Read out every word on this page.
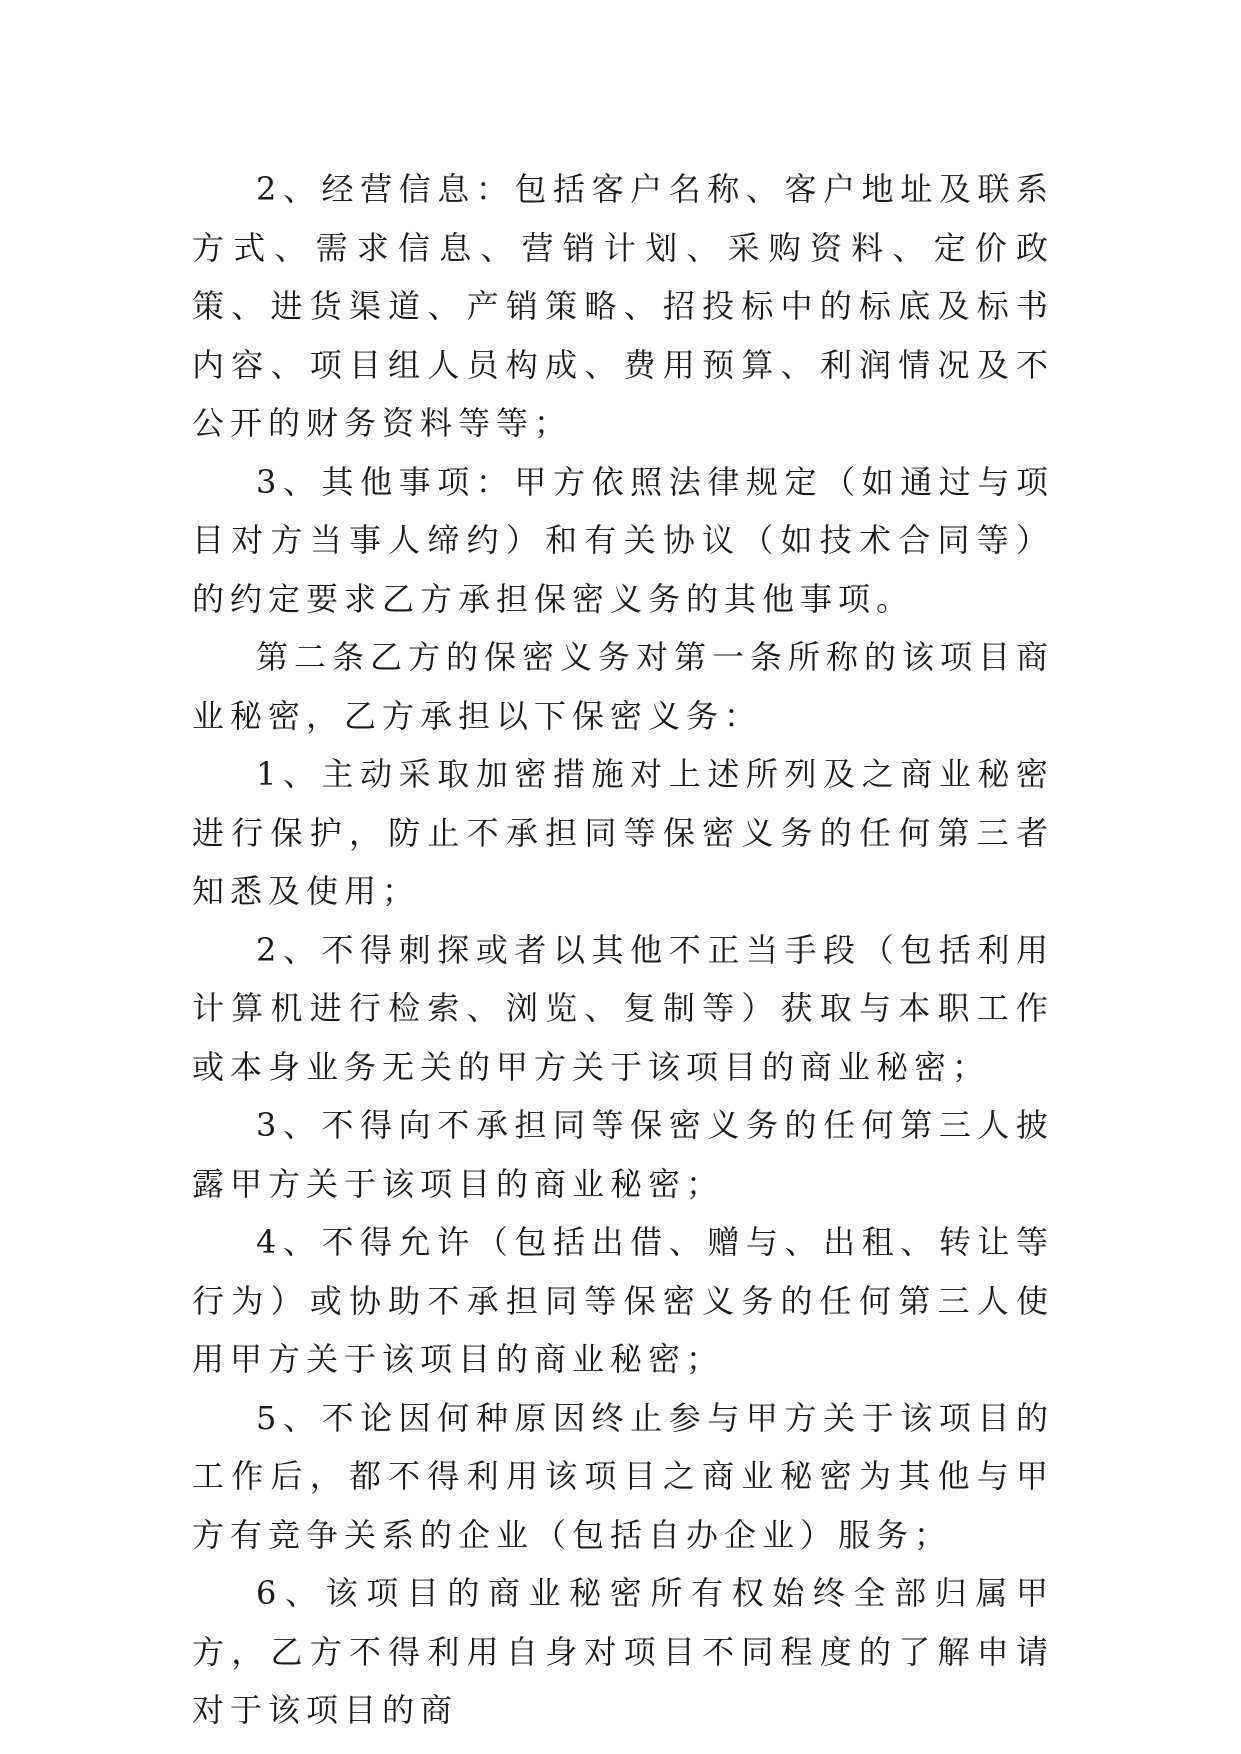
2、经营信息：包括客户名称、客户地址及联系方式、需求信息、营销计划、采购资料、定价政策、进货渠道、产销策略、招投标中的标底及标书内容、项目组人员构成、费用预算、利润情况及不公开的财务资料等等；

3、其他事项：甲方依照法律规定（如通过与项目对方当事人缔约）和有关协议（如技术合同等）的约定要求乙方承担保密义务的其他事项。

第二条乙方的保密义务对第一条所称的该项目商业秘密，乙方承担以下保密义务：

1、主动采取加密措施对上述所列及之商业秘密进行保护，防止不承担同等保密义务的任何第三者知悉及使用；

2、不得刺探或者以其他不正当手段（包括利用计算机进行检索、浏览、复制等）获取与本职工作或本身业务无关的甲方关于该项目的商业秘密；

3、不得向不承担同等保密义务的任何第三人披露甲方关于该项目的商业秘密；

4、不得允许（包括出借、赠与、出租、转让等行为）或协助不承担同等保密义务的任何第三人使用甲方关于该项目的商业秘密；

5、不论因何种原因终止参与甲方关于该项目的工作后，都不得利用该项目之商业秘密为其他与甲方有竞争关系的企业（包括自办企业）服务；

6、该项目的商业秘密所有权始终全部归属甲方，乙方不得利用自身对项目不同程度的了解申请对于该项目的商
